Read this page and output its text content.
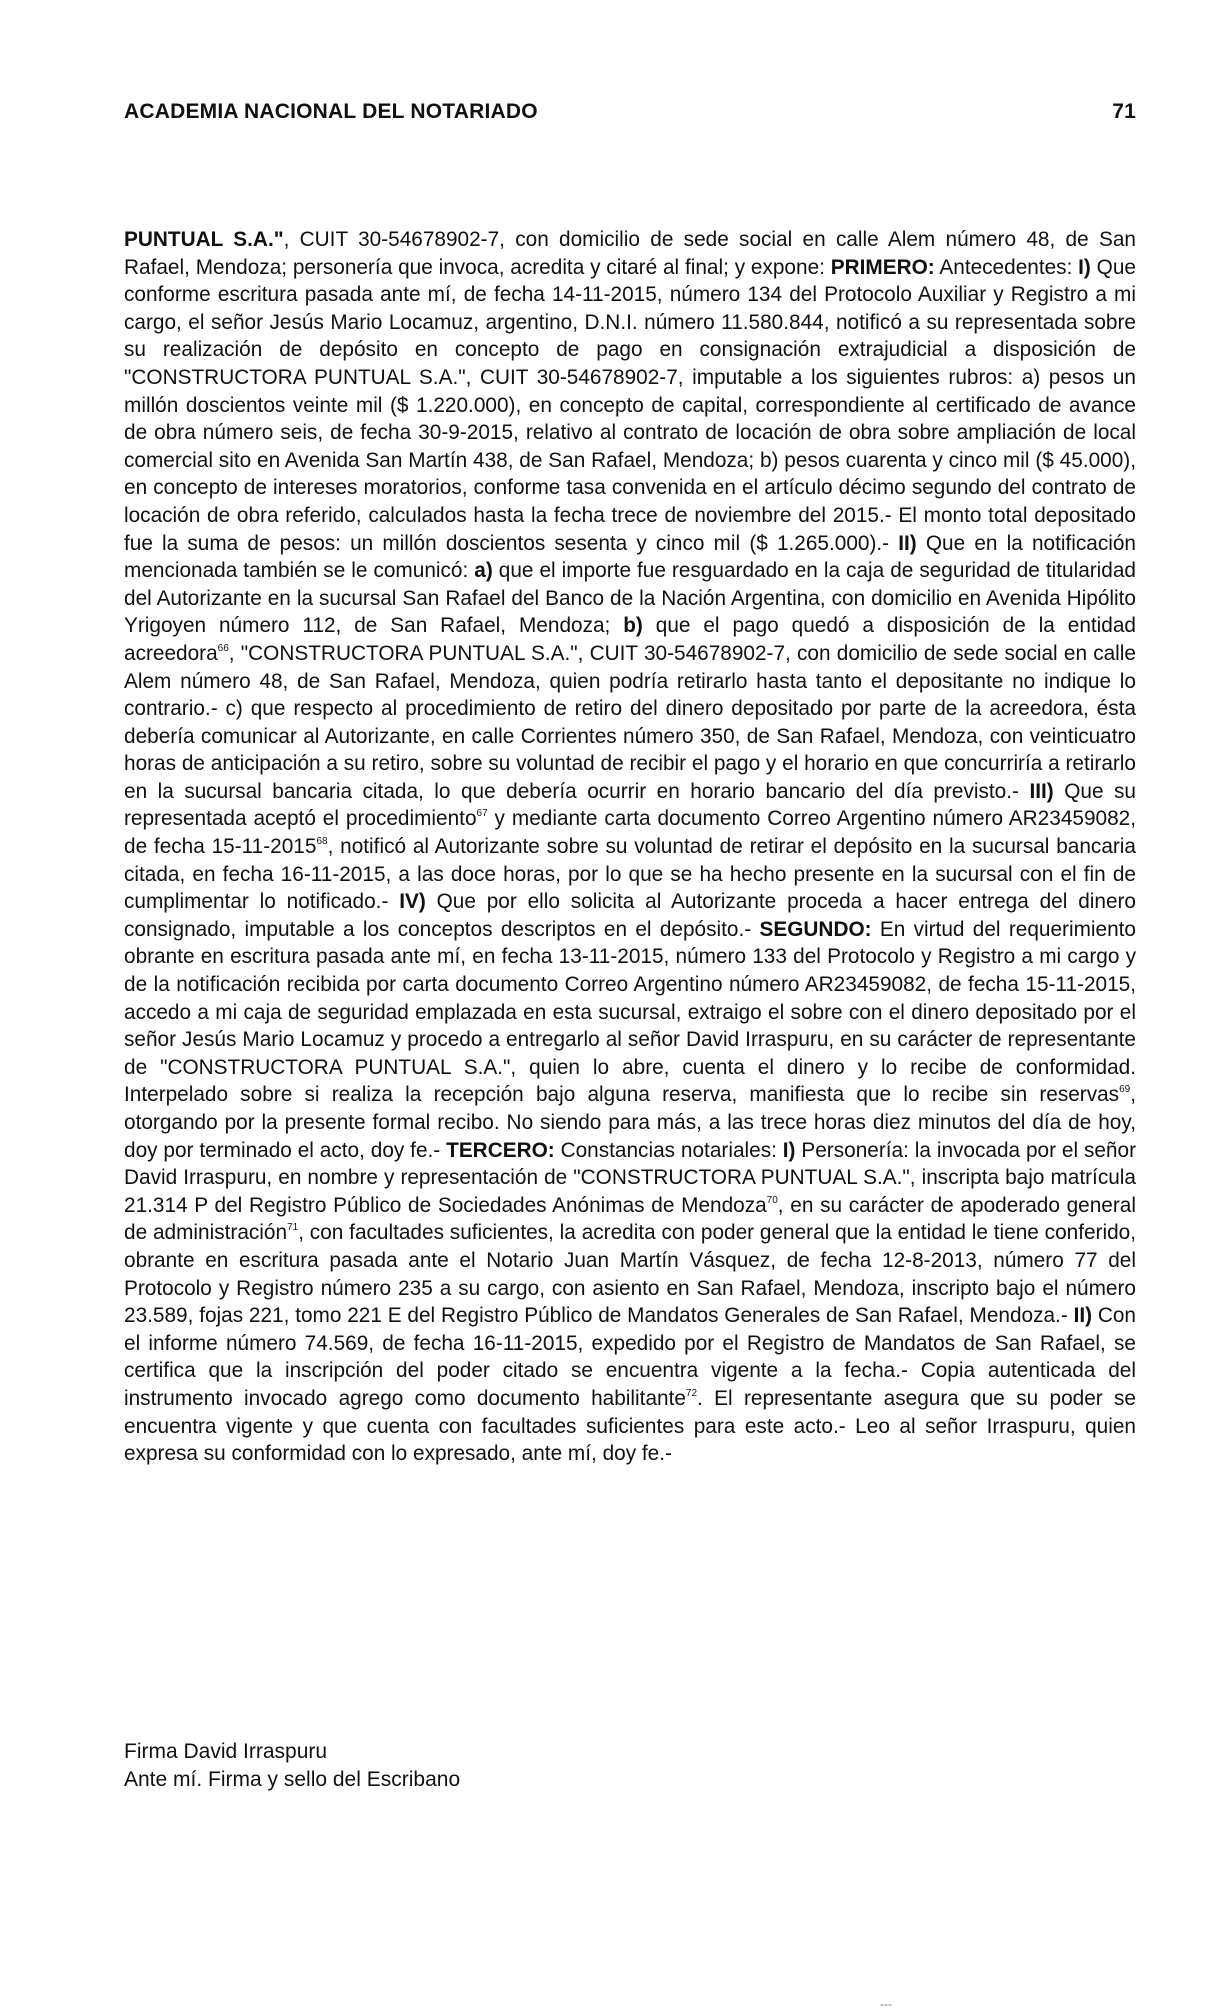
ACADEMIA NACIONAL DEL NOTARIADO	71
PUNTUAL S.A.", CUIT 30-54678902-7, con domicilio de sede social en calle Alem número 48, de San Rafael, Mendoza; personería que invoca, acredita y citaré al final; y expone: PRIMERO: Antecedentes: I) Que conforme escritura pasada ante mí, de fecha 14-11-2015, número 134 del Protocolo Auxiliar y Registro a mi cargo, el señor Jesús Mario Locamuz, argentino, D.N.I. número 11.580.844, notificó a su representada sobre su realización de depósito en concepto de pago en consignación extrajudicial a disposición de "CONSTRUCTORA PUNTUAL S.A.", CUIT 30-54678902-7, imputable a los siguientes rubros: a) pesos un millón doscientos veinte mil ($ 1.220.000), en concepto de capital, correspondiente al certificado de avance de obra número seis, de fecha 30-9-2015, relativo al contrato de locación de obra sobre ampliación de local comercial sito en Avenida San Martín 438, de San Rafael, Mendoza; b) pesos cuarenta y cinco mil ($ 45.000), en concepto de intereses moratorios, conforme tasa convenida en el artículo décimo segundo del contrato de locación de obra referido, calculados hasta la fecha trece de noviembre del 2015.- El monto total depositado fue la suma de pesos: un millón doscientos sesenta y cinco mil ($ 1.265.000).- II) Que en la notificación mencionada también se le comunicó: a) que el importe fue resguardado en la caja de seguridad de titularidad del Autorizante en la sucursal San Rafael del Banco de la Nación Argentina, con domicilio en Avenida Hipólito Yrigoyen número 112, de San Rafael, Mendoza; b) que el pago quedó a disposición de la entidad acreedora$^{66}$, "CONSTRUCTORA PUNTUAL S.A.", CUIT 30-54678902-7, con domicilio de sede social en calle Alem número 48, de San Rafael, Mendoza, quien podría retirarlo hasta tanto el depositante no indique lo contrario.- c) que respecto al procedimiento de retiro del dinero depositado por parte de la acreedora, ésta debería comunicar al Autorizante, en calle Corrientes número 350, de San Rafael, Mendoza, con veinticuatro horas de anticipación a su retiro, sobre su voluntad de recibir el pago y el horario en que concurriría a retirarlo en la sucursal bancaria citada, lo que debería ocurrir en horario bancario del día previsto.- III) Que su representada aceptó el procedimiento$^{67}$ y mediante carta documento Correo Argentino número AR23459082, de fecha 15-11-2015$^{68}$, notificó al Autorizante sobre su voluntad de retirar el depósito en la sucursal bancaria citada, en fecha 16-11-2015, a las doce horas, por lo que se ha hecho presente en la sucursal con el fin de cumplimentar lo notificado.- IV) Que por ello solicita al Autorizante proceda a hacer entrega del dinero consignado, imputable a los conceptos descriptos en el depósito.- SEGUNDO: En virtud del requerimiento obrante en escritura pasada ante mí, en fecha 13-11-2015, número 133 del Protocolo y Registro a mi cargo y de la notificación recibida por carta documento Correo Argentino número AR23459082, de fecha 15-11-2015, accedo a mi caja de seguridad emplazada en esta sucursal, extraigo el sobre con el dinero depositado por el señor Jesús Mario Locamuz y procedo a entregarlo al señor David Irraspuru, en su carácter de representante de "CONSTRUCTORA PUNTUAL S.A.", quien lo abre, cuenta el dinero y lo recibe de conformidad. Interpelado sobre si realiza la recepción bajo alguna reserva, manifiesta que lo recibe sin reservas$^{69}$, otorgando por la presente formal recibo. No siendo para más, a las trece horas diez minutos del día de hoy, doy por terminado el acto, doy fe.- TERCERO: Constancias notariales: I) Personería: la invocada por el señor David Irraspuru, en nombre y representación de "CONSTRUCTORA PUNTUAL S.A.", inscripta bajo matrícula 21.314 P del Registro Público de Sociedades Anónimas de Mendoza$^{70}$, en su carácter de apoderado general de administración$^{71}$, con facultades suficientes, la acredita con poder general que la entidad le tiene conferido, obrante en escritura pasada ante el Notario Juan Martín Vásquez, de fecha 12-8-2013, número 77 del Protocolo y Registro número 235 a su cargo, con asiento en San Rafael, Mendoza, inscripto bajo el número 23.589, fojas 221, tomo 221 E del Registro Público de Mandatos Generales de San Rafael, Mendoza.- II) Con el informe número 74.569, de fecha 16-11-2015, expedido por el Registro de Mandatos de San Rafael, se certifica que la inscripción del poder citado se encuentra vigente a la fecha.- Copia autenticada del instrumento invocado agrego como documento habilitante$^{72}$. El representante asegura que su poder se encuentra vigente y que cuenta con facultades suficientes para este acto.- Leo al señor Irraspuru, quien expresa su conformidad con lo expresado, ante mí, doy fe.-
Firma David Irraspuru
Ante mí. Firma y sello del Escribano
---
